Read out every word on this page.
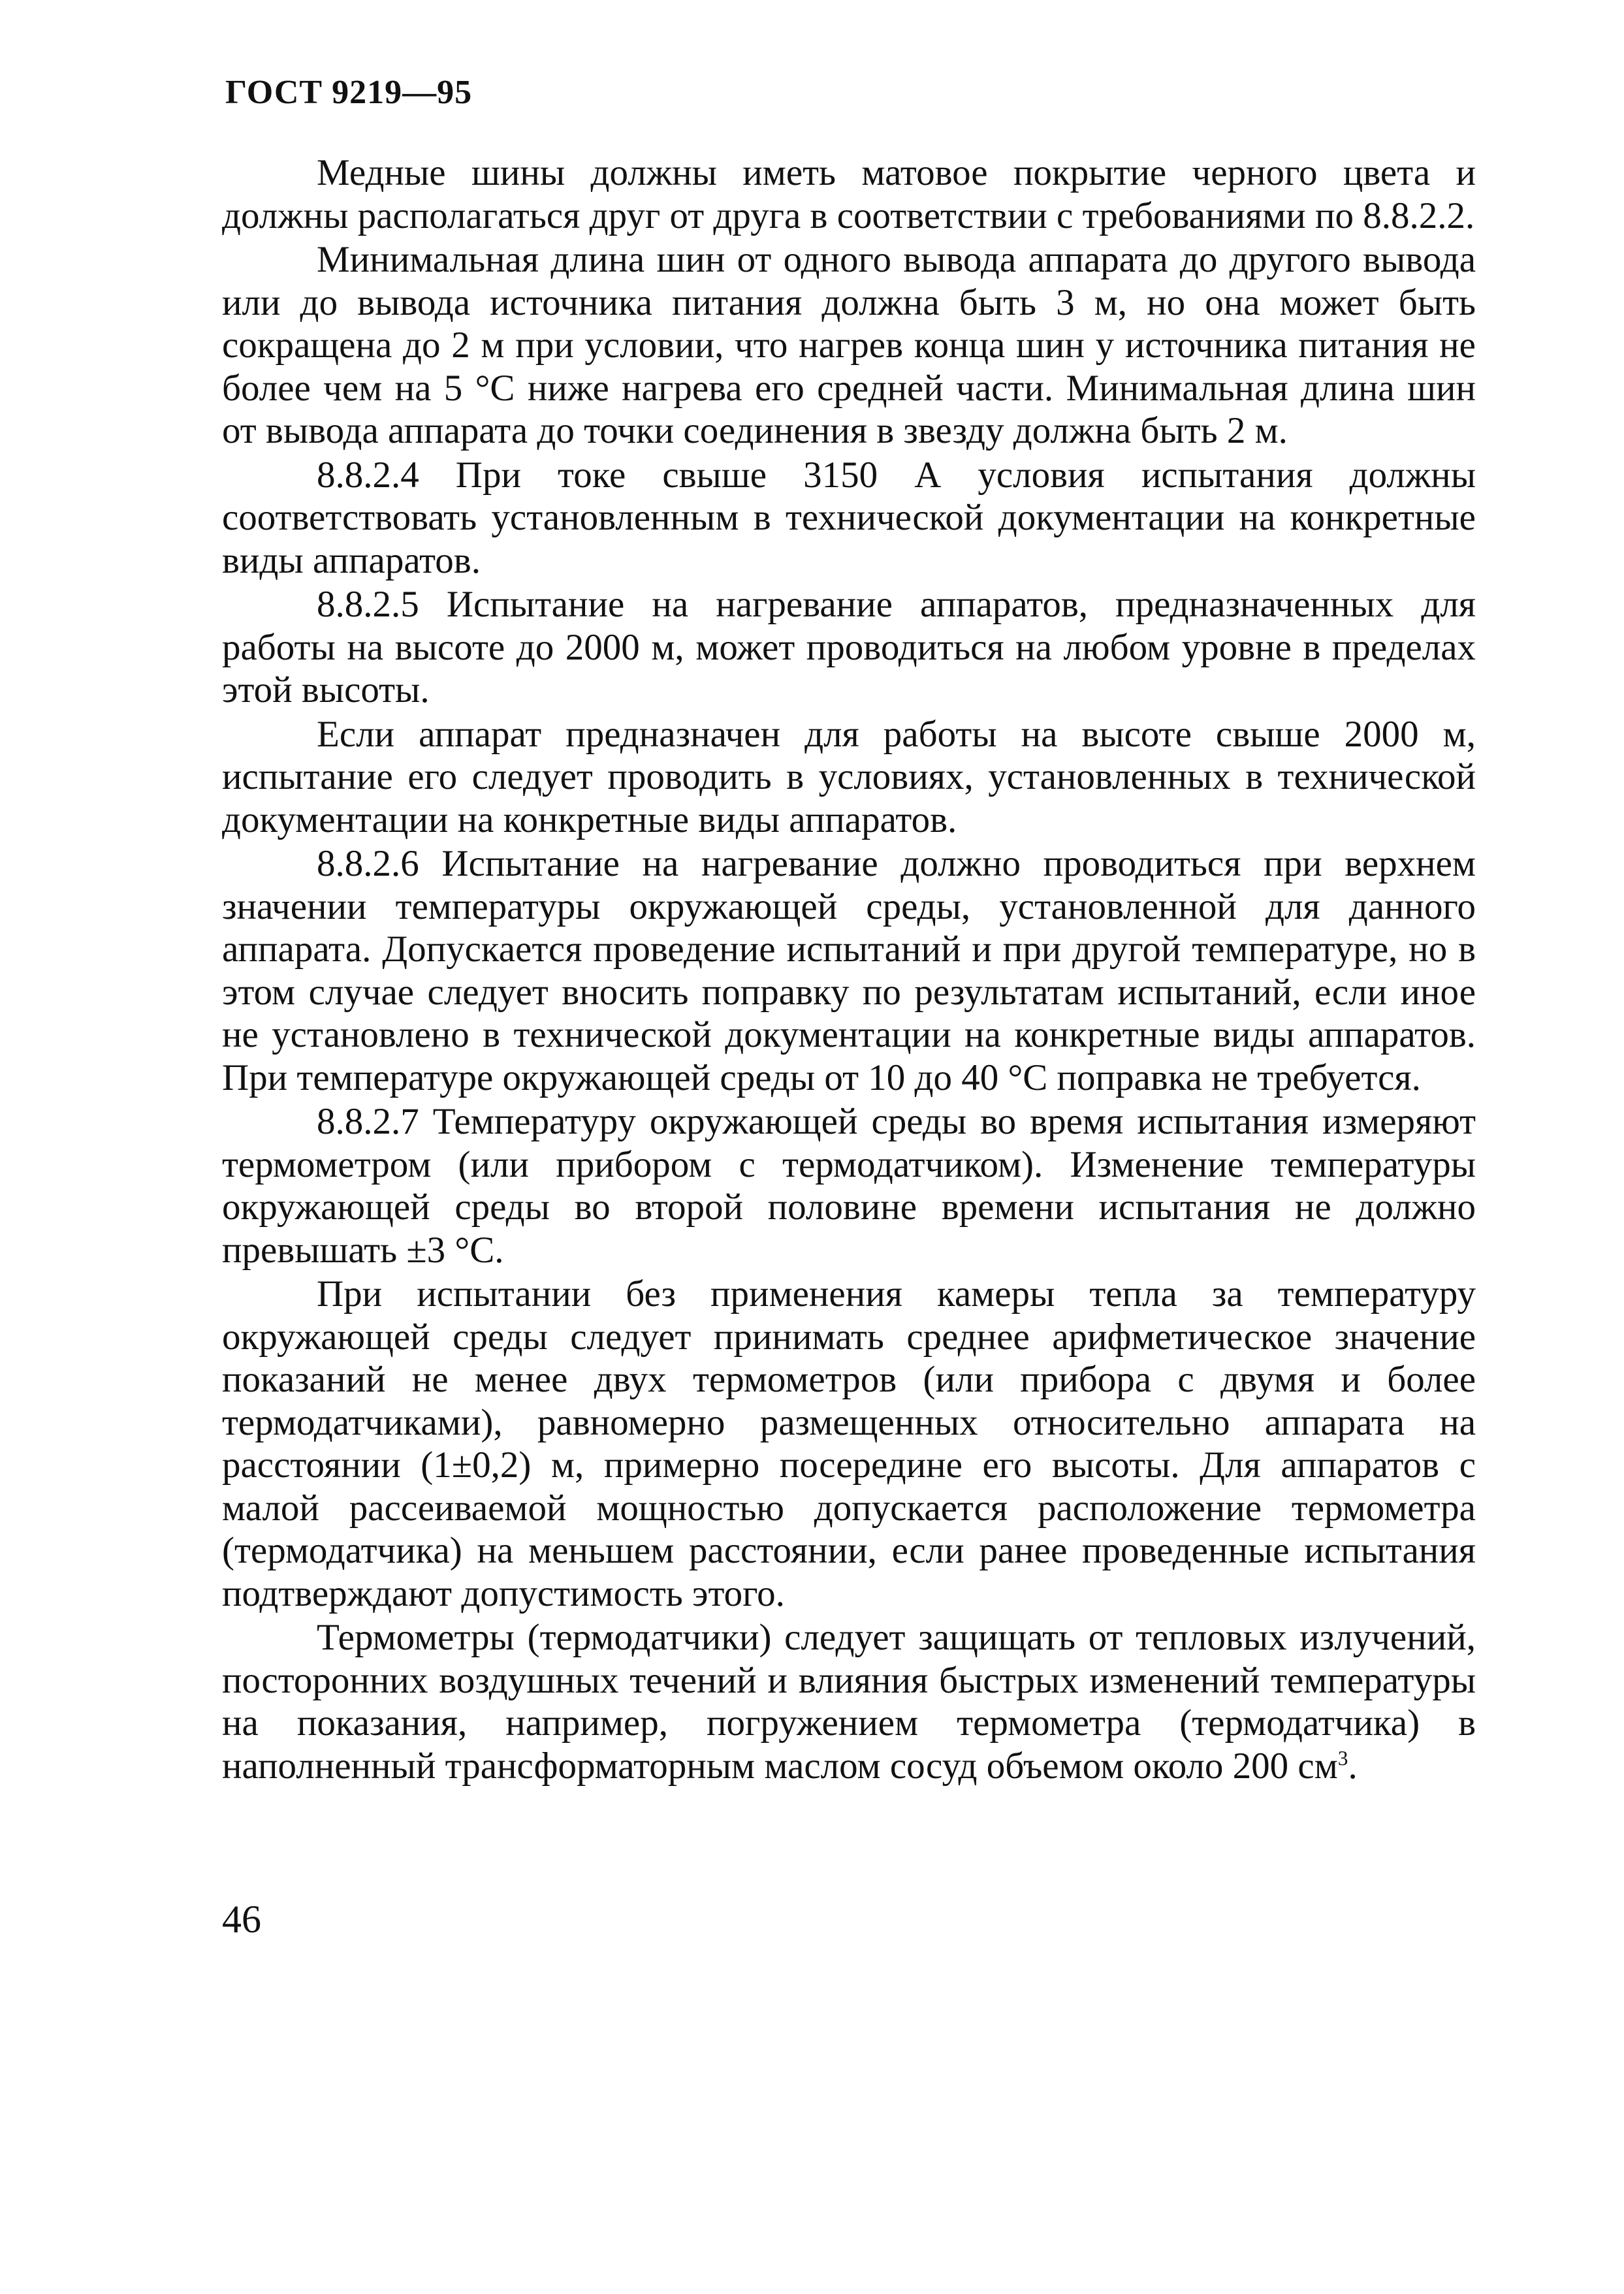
ГОСТ 9219—95

Медные шины должны иметь матовое покрытие черного цвета и должны располагаться друг от друга в соответствии с требованиями по 8.8.2.2.

Минимальная длина шин от одного вывода аппарата до другого вывода или до вывода источника питания должна быть 3 м, но она может быть сокращена до 2 м при условии, что нагрев конца шин у источника питания не более чем на 5 °С ниже нагрева его средней части. Минимальная длина шин от вывода аппарата до точки соединения в звезду должна быть 2 м.

8.8.2.4 При токе свыше 3150 А условия испытания должны соответствовать установленным в технической документации на конкретные виды аппаратов.

8.8.2.5 Испытание на нагревание аппаратов, предназначенных для работы на высоте до 2000 м, может проводиться на любом уровне в пределах этой высоты.

Если аппарат предназначен для работы на высоте свыше 2000 м, испытание его следует проводить в условиях, установленных в технической документации на конкретные виды аппаратов.

8.8.2.6 Испытание на нагревание должно проводиться при верхнем значении температуры окружающей среды, установленной для данного аппарата. Допускается проведение испытаний и при другой температуре, но в этом случае следует вносить поправку по результатам испытаний, если иное не установлено в технической документации на конкретные виды аппаратов. При температуре окружающей среды от 10 до 40 °С поправка не требуется.

8.8.2.7 Температуру окружающей среды во время испытания измеряют термометром (или прибором с термодатчиком). Изменение температуры окружающей среды во второй половине времени испытания не должно превышать ±3 °С.

При испытании без применения камеры тепла за температуру окружающей среды следует принимать среднее арифметическое значение показаний не менее двух термометров (или прибора с двумя и более термодатчиками), равномерно размещенных относительно аппарата на расстоянии (1±0,2) м, примерно посередине его высоты. Для аппаратов с малой рассеиваемой мощностью допускается расположение термометра (термодатчика) на меньшем расстоянии, если ранее проведенные испытания подтверждают допустимость этого.

Термометры (термодатчики) следует защищать от тепловых излучений, посторонних воздушных течений и влияния быстрых изменений температуры на показания, например, погружением термометра (термодатчика) в наполненный трансформаторным маслом сосуд объемом около 200 $см^3$.

46
